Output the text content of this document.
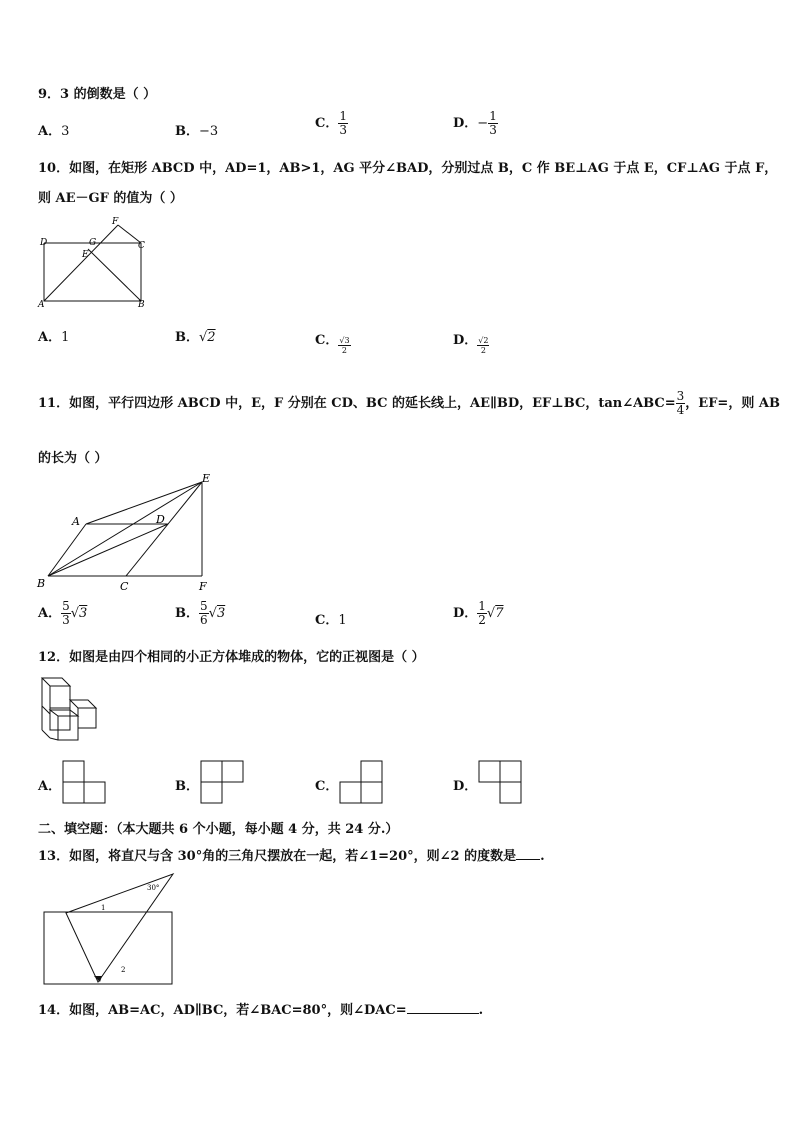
9．3 的倒数是（ ）
A．3	B．−3
C． $\frac{1}{3}$	D．− $\frac{1}{3}$
10．如图，在矩形 ABCD 中，AD=1，AB>1，AG 平分∠BAD，分别过点 B，C 作 BE⊥AG 于点 E，CF⊥AG 于点 F，
则 AE－GF 的值为（ ）
D	G
F
C
E
A	B
A．1	B．√2	C． $\frac{√3}{2}$	D． $\frac{√2}{2}$
11．如图，平行四边形 ABCD 中，E，F 分别在 CD、BC 的延长线上，AE∥BD，EF⊥BC，tan∠ABC= $\frac{3}{4}$ ，EF=，则 AB
的长为（ ）
E
A	D
B	C	F
A． $\frac{5}{3} √3$	B． $\frac{5}{6} √3$	C．1	D． $\frac{1}{2} √7$
12．如图是由四个相同的小正方体堆成的物体，它的正视图是（ ）
A．	B．	C．	D．
二、填空题：（本大题共 6 个小题，每小题 4 分，共 24 分.）
13．如图，将直尺与含 30°角的三角尺摆放在一起，若∠1=20°，则∠2 的度数是 .
30°
1
2
14．如图，AB=AC，AD∥BC，若∠BAC=80°，则∠DAC=	.
